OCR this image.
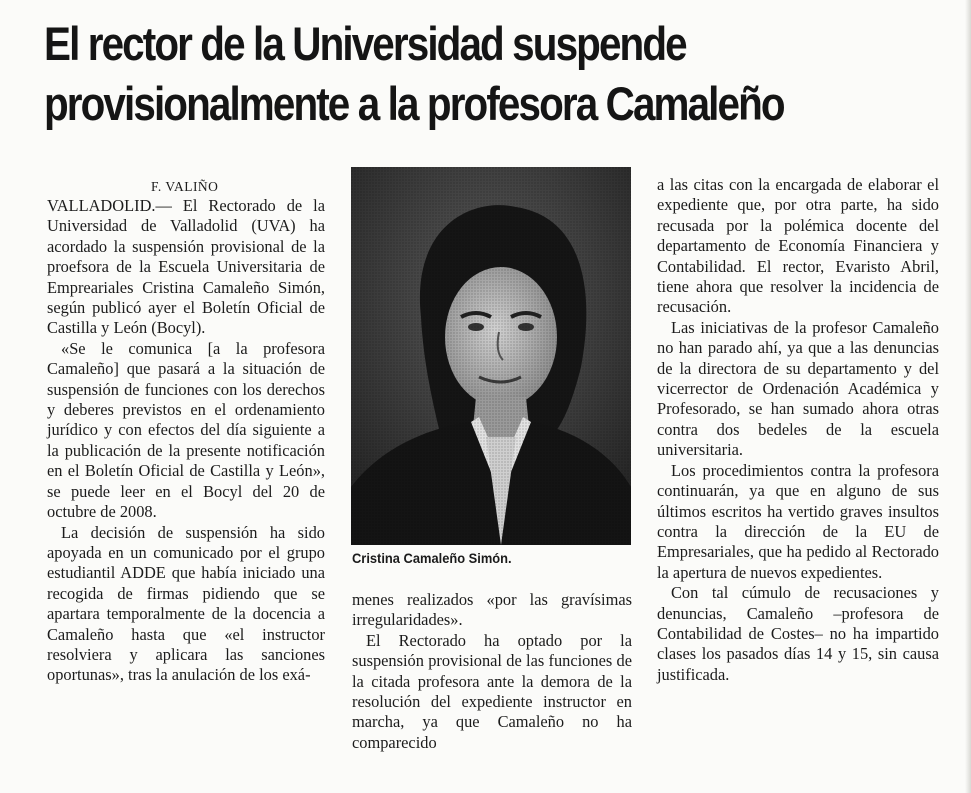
El rector de la Universidad suspende
provisionalmente a la profesora Camaleño
F. VALIÑO

VALLADOLID.— El Rectorado de la Universidad de Valladolid (UVA) ha acordado la suspensión provisional de la proefsora de la Escuela Universitaria de Empreariales Cristina Camaleño Simón, según publicó ayer el Boletín Oficial de Castilla y León (Bocyl).

«Se le comunica [a la profesora Camaleño] que pasará a la situación de suspensión de funciones con los derechos y deberes previstos en el ordenamiento jurídico y con efectos del día siguiente a la publicación de la presente notificación en el Boletín Oficial de Castilla y León», se puede leer en el Bocyl del 20 de octubre de 2008.

La decisión de suspensión ha sido apoyada en un comunicado por el grupo estudiantil ADDE que había iniciado una recogida de firmas pidiendo que se apartara temporalmente de la docencia a Camaleño hasta que «el instructor resolviera y aplicara las sanciones oportunas», tras la anulación de los exá-

Cristina Camaleño Simón.

menes realizados «por las gravísimas irregularidades».

El Rectorado ha optado por la suspensión provisional de las funciones de la citada profesora ante la demora de la resolución del expediente instructor en marcha, ya que Camaleño no ha comparecido

a las citas con la encargada de elaborar el expediente que, por otra parte, ha sido recusada por la polémica docente del departamento de Economía Financiera y Contabilidad. El rector, Evaristo Abril, tiene ahora que resolver la incidencia de recusación.

Las iniciativas de la profesor Camaleño no han parado ahí, ya que a las denuncias de la directora de su departamento y del vicerrector de Ordenación Académica y Profesorado, se han sumado ahora otras contra dos bedeles de la escuela universitaria.

Los procedimientos contra la profesora continuarán, ya que en alguno de sus últimos escritos ha vertido graves insultos contra la dirección de la EU de Empresariales, que ha pedido al Rectorado la apertura de nuevos expedientes.

Con tal cúmulo de recusaciones y denuncias, Camaleño –profesora de Contabilidad de Costes– no ha impartido clases los pasados días 14 y 15, sin causa justificada.
